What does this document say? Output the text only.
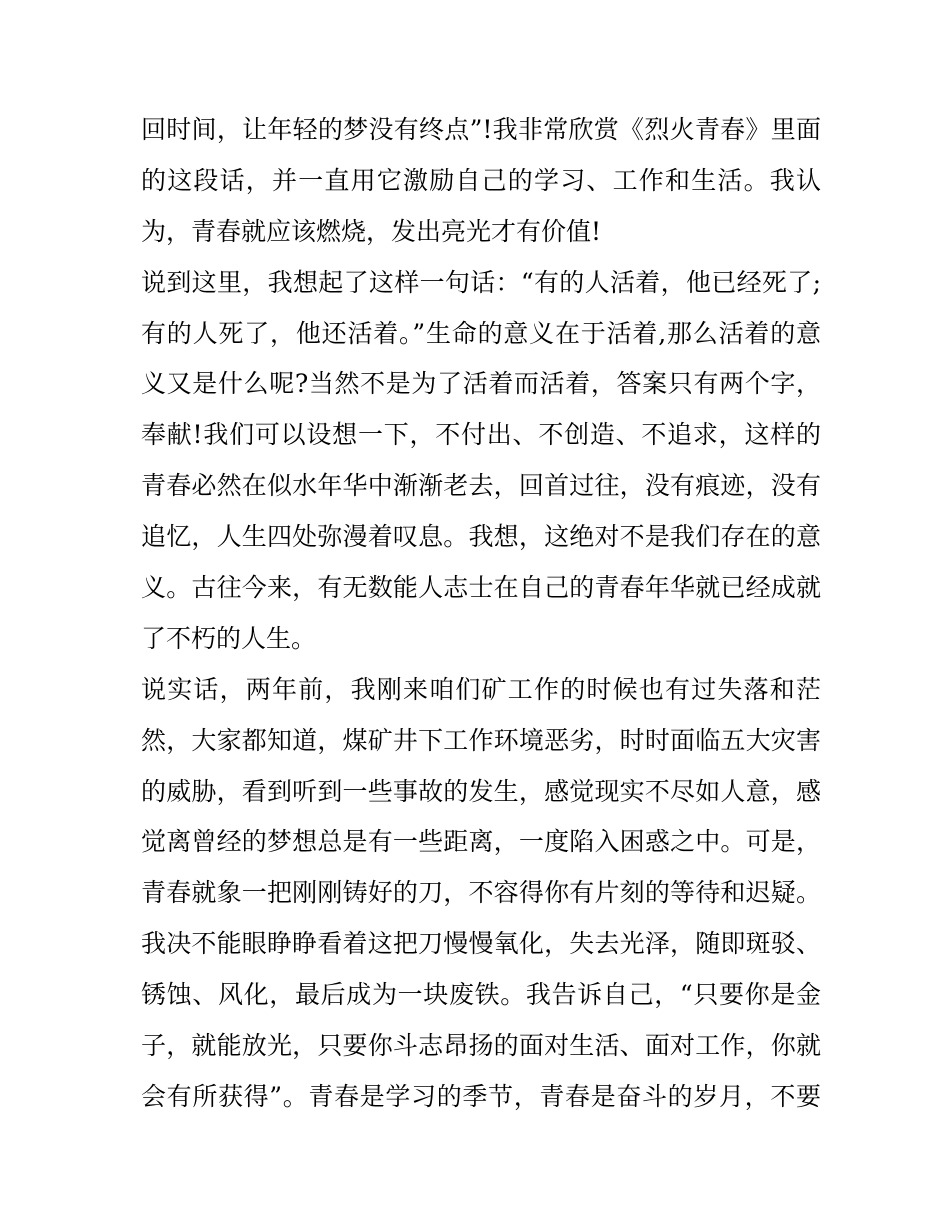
回时间，让年轻的梦没有终点”!我非常欣赏《烈火青春》里面
的这段话，并一直用它激励自己的学习、工作和生活。我认
为，青春就应该燃烧，发出亮光才有价值!
说到这里，我想起了这样一句话：“有的人活着，他已经死了;
有的人死了，他还活着。”生命的意义在于活着,那么活着的意
义又是什么呢?当然不是为了活着而活着，答案只有两个字，
奉献!我们可以设想一下，不付出、不创造、不追求，这样的
青春必然在似水年华中渐渐老去，回首过往，没有痕迹，没有
追忆，人生四处弥漫着叹息。我想，这绝对不是我们存在的意
义。古往今来，有无数能人志士在自己的青春年华就已经成就
了不朽的人生。
说实话，两年前，我刚来咱们矿工作的时候也有过失落和茫
然，大家都知道，煤矿井下工作环境恶劣，时时面临五大灾害
的威胁，看到听到一些事故的发生，感觉现实不尽如人意，感
觉离曾经的梦想总是有一些距离，一度陷入困惑之中。可是，
青春就象一把刚刚铸好的刀，不容得你有片刻的等待和迟疑。
我决不能眼睁睁看着这把刀慢慢氧化，失去光泽，随即斑驳、
锈蚀、风化，最后成为一块废铁。我告诉自己，“只要你是金
子，就能放光，只要你斗志昂扬的面对生活、面对工作，你就
会有所获得”。青春是学习的季节，青春是奋斗的岁月，不要
